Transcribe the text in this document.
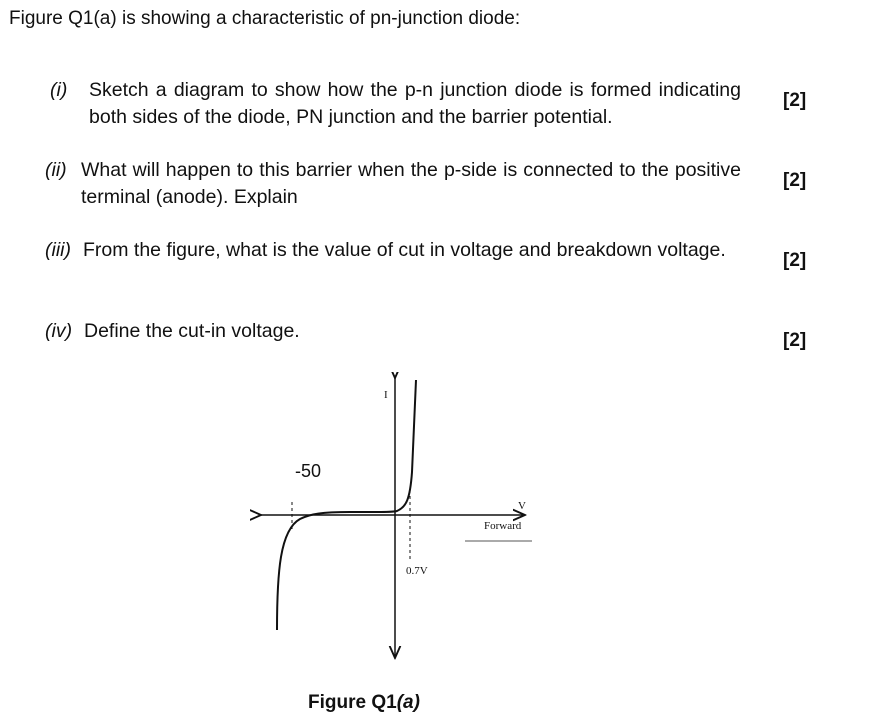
Figure Q1(a) is showing a characteristic of pn-junction diode:
(i) Sketch a diagram to show how the p-n junction diode is formed indicating both sides of the diode, PN junction and the barrier potential.
[2]
(ii) What will happen to this barrier when the p-side is connected to the positive terminal (anode). Explain
[2]
(iii) From the figure, what is the value of cut in voltage and breakdown voltage.	[2]
(iv) Define the cut-in voltage.	[2]
I
V
Forward
-50
0.7V
Figure Q1(a)
